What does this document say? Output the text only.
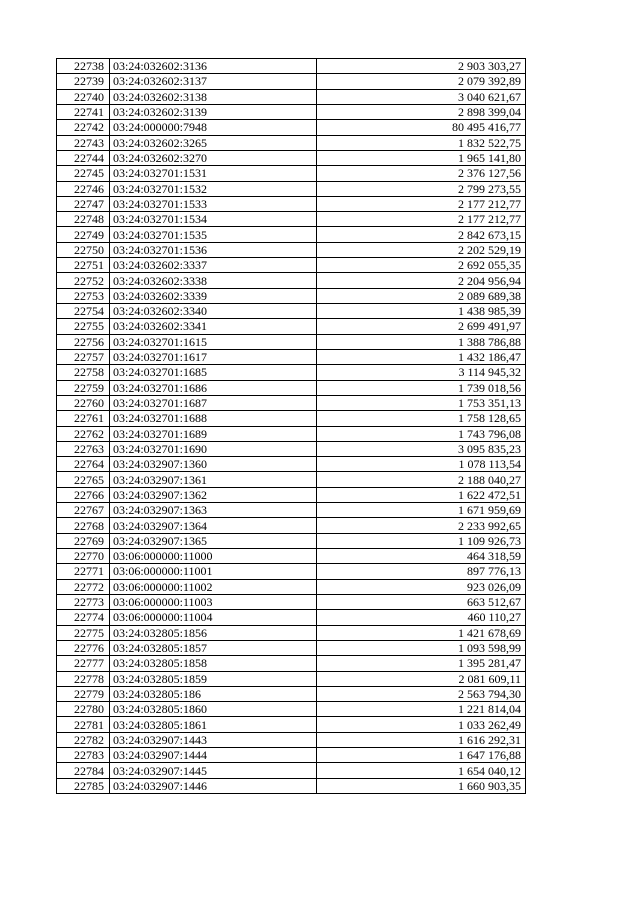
22738	03:24:032602:3136	2 903 303,27
22739	03:24:032602:3137	2 079 392,89
22740	03:24:032602:3138	3 040 621,67
22741	03:24:032602:3139	2 898 399,04
22742	03:24:000000:7948	80 495 416,77
22743	03:24:032602:3265	1 832 522,75
22744	03:24:032602:3270	1 965 141,80
22745	03:24:032701:1531	2 376 127,56
22746	03:24:032701:1532	2 799 273,55
22747	03:24:032701:1533	2 177 212,77
22748	03:24:032701:1534	2 177 212,77
22749	03:24:032701:1535	2 842 673,15
22750	03:24:032701:1536	2 202 529,19
22751	03:24:032602:3337	2 692 055,35
22752	03:24:032602:3338	2 204 956,94
22753	03:24:032602:3339	2 089 689,38
22754	03:24:032602:3340	1 438 985,39
22755	03:24:032602:3341	2 699 491,97
22756	03:24:032701:1615	1 388 786,88
22757	03:24:032701:1617	1 432 186,47
22758	03:24:032701:1685	3 114 945,32
22759	03:24:032701:1686	1 739 018,56
22760	03:24:032701:1687	1 753 351,13
22761	03:24:032701:1688	1 758 128,65
22762	03:24:032701:1689	1 743 796,08
22763	03:24:032701:1690	3 095 835,23
22764	03:24:032907:1360	1 078 113,54
22765	03:24:032907:1361	2 188 040,27
22766	03:24:032907:1362	1 622 472,51
22767	03:24:032907:1363	1 671 959,69
22768	03:24:032907:1364	2 233 992,65
22769	03:24:032907:1365	1 109 926,73
22770	03:06:000000:11000	464 318,59
22771	03:06:000000:11001	897 776,13
22772	03:06:000000:11002	923 026,09
22773	03:06:000000:11003	663 512,67
22774	03:06:000000:11004	460 110,27
22775	03:24:032805:1856	1 421 678,69
22776	03:24:032805:1857	1 093 598,99
22777	03:24:032805:1858	1 395 281,47
22778	03:24:032805:1859	2 081 609,11
22779	03:24:032805:186	2 563 794,30
22780	03:24:032805:1860	1 221 814,04
22781	03:24:032805:1861	1 033 262,49
22782	03:24:032907:1443	1 616 292,31
22783	03:24:032907:1444	1 647 176,88
22784	03:24:032907:1445	1 654 040,12
22785	03:24:032907:1446	1 660 903,35
